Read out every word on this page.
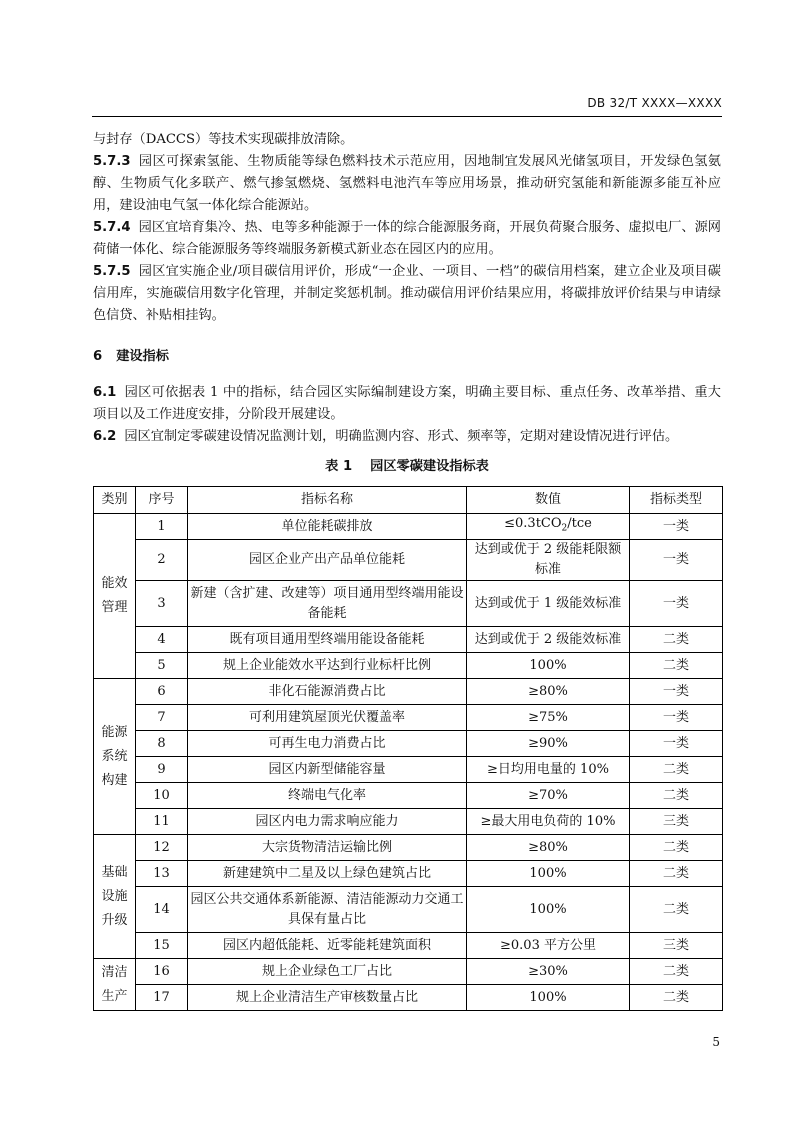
DB 32/T XXXX—XXXX

与封存（DACCS）等技术实现碳排放清除。

5.7.3 园区可探索氢能、生物质能等绿色燃料技术示范应用，因地制宜发展风光储氢项目，开发绿色氢氨醇、生物质气化多联产、燃气掺氢燃烧、氢燃料电池汽车等应用场景，推动研究氢能和新能源多能互补应用，建设油电气氢一体化综合能源站。

5.7.4 园区宜培育集冷、热、电等多种能源于一体的综合能源服务商，开展负荷聚合服务、虚拟电厂、源网荷储一体化、综合能源服务等终端服务新模式新业态在园区内的应用。

5.7.5 园区宜实施企业/项目碳信用评价，形成“一企业、一项目、一档”的碳信用档案，建立企业及项目碳信用库，实施碳信用数字化管理，并制定奖惩机制。推动碳信用评价结果应用，将碳排放评价结果与申请绿色信贷、补贴相挂钩。

6 建设指标

6.1 园区可依据表 1 中的指标，结合园区实际编制建设方案，明确主要目标、重点任务、改革举措、重大项目以及工作进度安排，分阶段开展建设。

6.2 园区宜制定零碳建设情况监测计划，明确监测内容、形式、频率等，定期对建设情况进行评估。

表 1 园区零碳建设指标表
类别	序号	指标名称	数值	指标类型
能效
管理	1	单位能耗碳排放	≤0.3tCO$_2$/tce	一类
	2	园区企业产出产品单位能耗	达到或优于 2 级能耗限额标准	一类
	3	新建（含扩建、改建等）项目通用型终端用能设备能耗	达到或优于 1 级能效标准	一类
	4	既有项目通用型终端用能设备能耗	达到或优于 2 级能效标准	二类
	5	规上企业能效水平达到行业标杆比例	100%	二类
能源
系统
构建	6	非化石能源消费占比	≥80%	一类
	7	可利用建筑屋顶光伏覆盖率	≥75%	一类
	8	可再生电力消费占比	≥90%	一类
	9	园区内新型储能容量	≥日均用电量的 10%	二类
	10	终端电气化率	≥70%	二类
	11	园区内电力需求响应能力	≥最大用电负荷的 10%	三类
基础
设施
升级	12	大宗货物清洁运输比例	≥80%	二类
	13	新建建筑中二星及以上绿色建筑占比	100%	二类
	14	园区公共交通体系新能源、清洁能源动力交通工具保有量占比	100%	二类
	15	园区内超低能耗、近零能耗建筑面积	≥0.03 平方公里	三类
清洁
生产	16	规上企业绿色工厂占比	≥30%	二类
	17	规上企业清洁生产审核数量占比	100%	二类
5
